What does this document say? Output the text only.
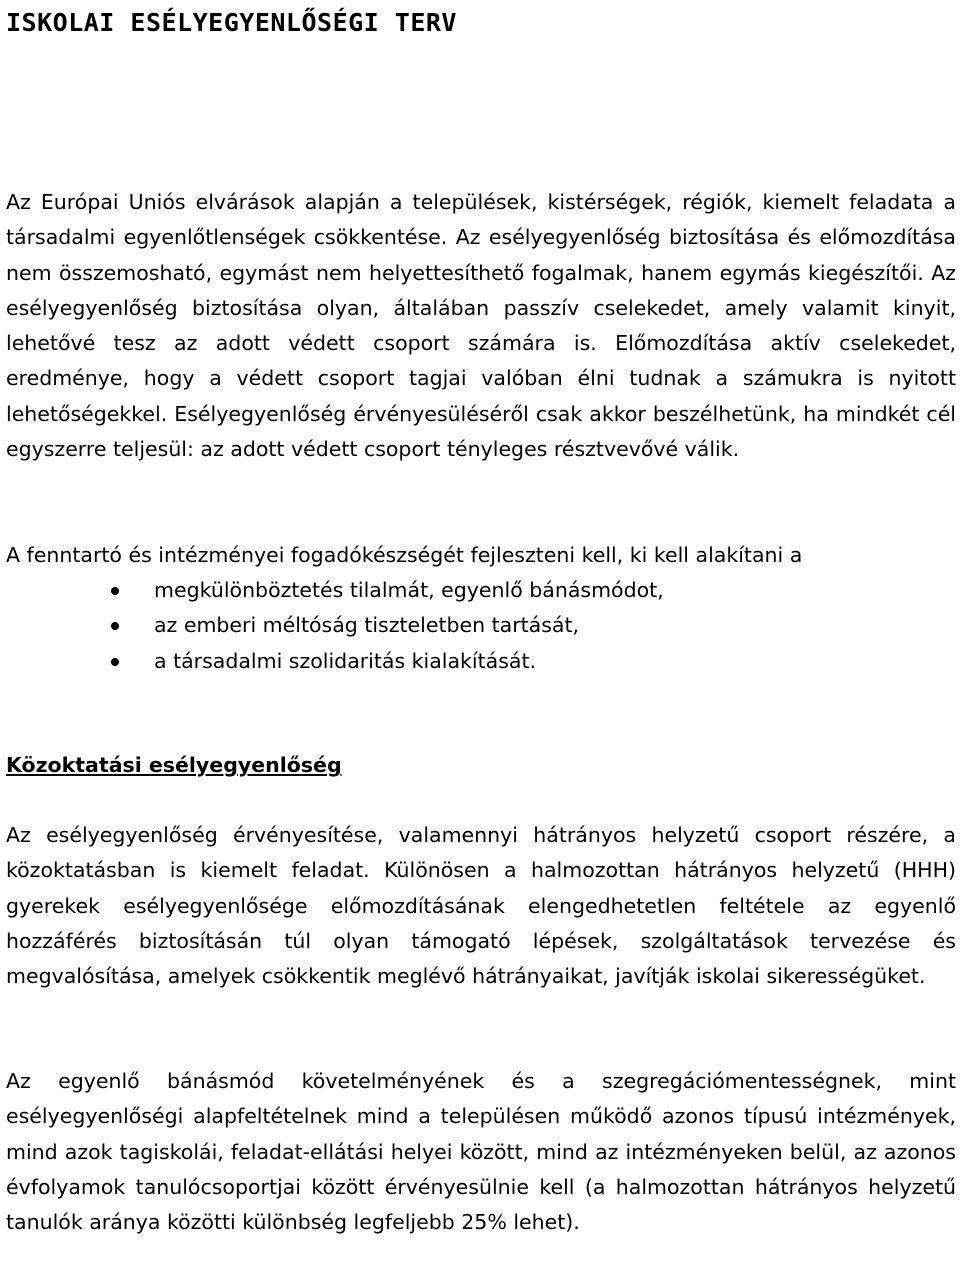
ISKOLAI ESÉLYEGYENLŐSÉGI TERV

Az Európai Uniós elvárások alapján a települések, kistérségek, régiók, kiemelt feladata a társadalmi egyenlőtlenségek csökkentése. Az esélyegyenlőség biztosítása és előmozdítása nem összemosható, egymást nem helyettesíthető fogalmak, hanem egymás kiegészítői. Az esélyegyenlőség biztosítása olyan, általában passzív cselekedet, amely valamit kinyit, lehetővé tesz az adott védett csoport számára is. Előmozdítása aktív cselekedet, eredménye, hogy a védett csoport tagjai valóban élni tudnak a számukra is nyitott lehetőségekkel. Esélyegyenlőség érvényesüléséről csak akkor beszélhetünk, ha mindkét cél egyszerre teljesül: az adott védett csoport tényleges résztvevővé válik.

A fenntartó és intézményei fogadókészségét fejleszteni kell, ki kell alakítani a

megkülönböztetés tilalmát, egyenlő bánásmódot,
az emberi méltóság tiszteletben tartását,
a társadalmi szolidaritás kialakítását.
Közoktatási esélyegyenlőség

Az esélyegyenlőség érvényesítése, valamennyi hátrányos helyzetű csoport részére, a közoktatásban is kiemelt feladat. Különösen a halmozottan hátrányos helyzetű (HHH) gyerekek esélyegyenlősége előmozdításának elengedhetetlen feltétele az egyenlő hozzáférés biztosításán túl olyan támogató lépések, szolgáltatások tervezése és megvalósítása, amelyek csökkentik meglévő hátrányaikat, javítják iskolai sikerességüket.

Az egyenlő bánásmód követelményének és a szegregációmentességnek, mint esélyegyenlőségi alapfeltételnek mind a településen működő azonos típusú intézmények, mind azok tagiskolái, feladat-ellátási helyei között, mind az intézményeken belül, az azonos évfolyamok tanulócsoportjai között érvényesülnie kell (a halmozottan hátrányos helyzetű tanulók aránya közötti különbség legfeljebb 25% lehet).
